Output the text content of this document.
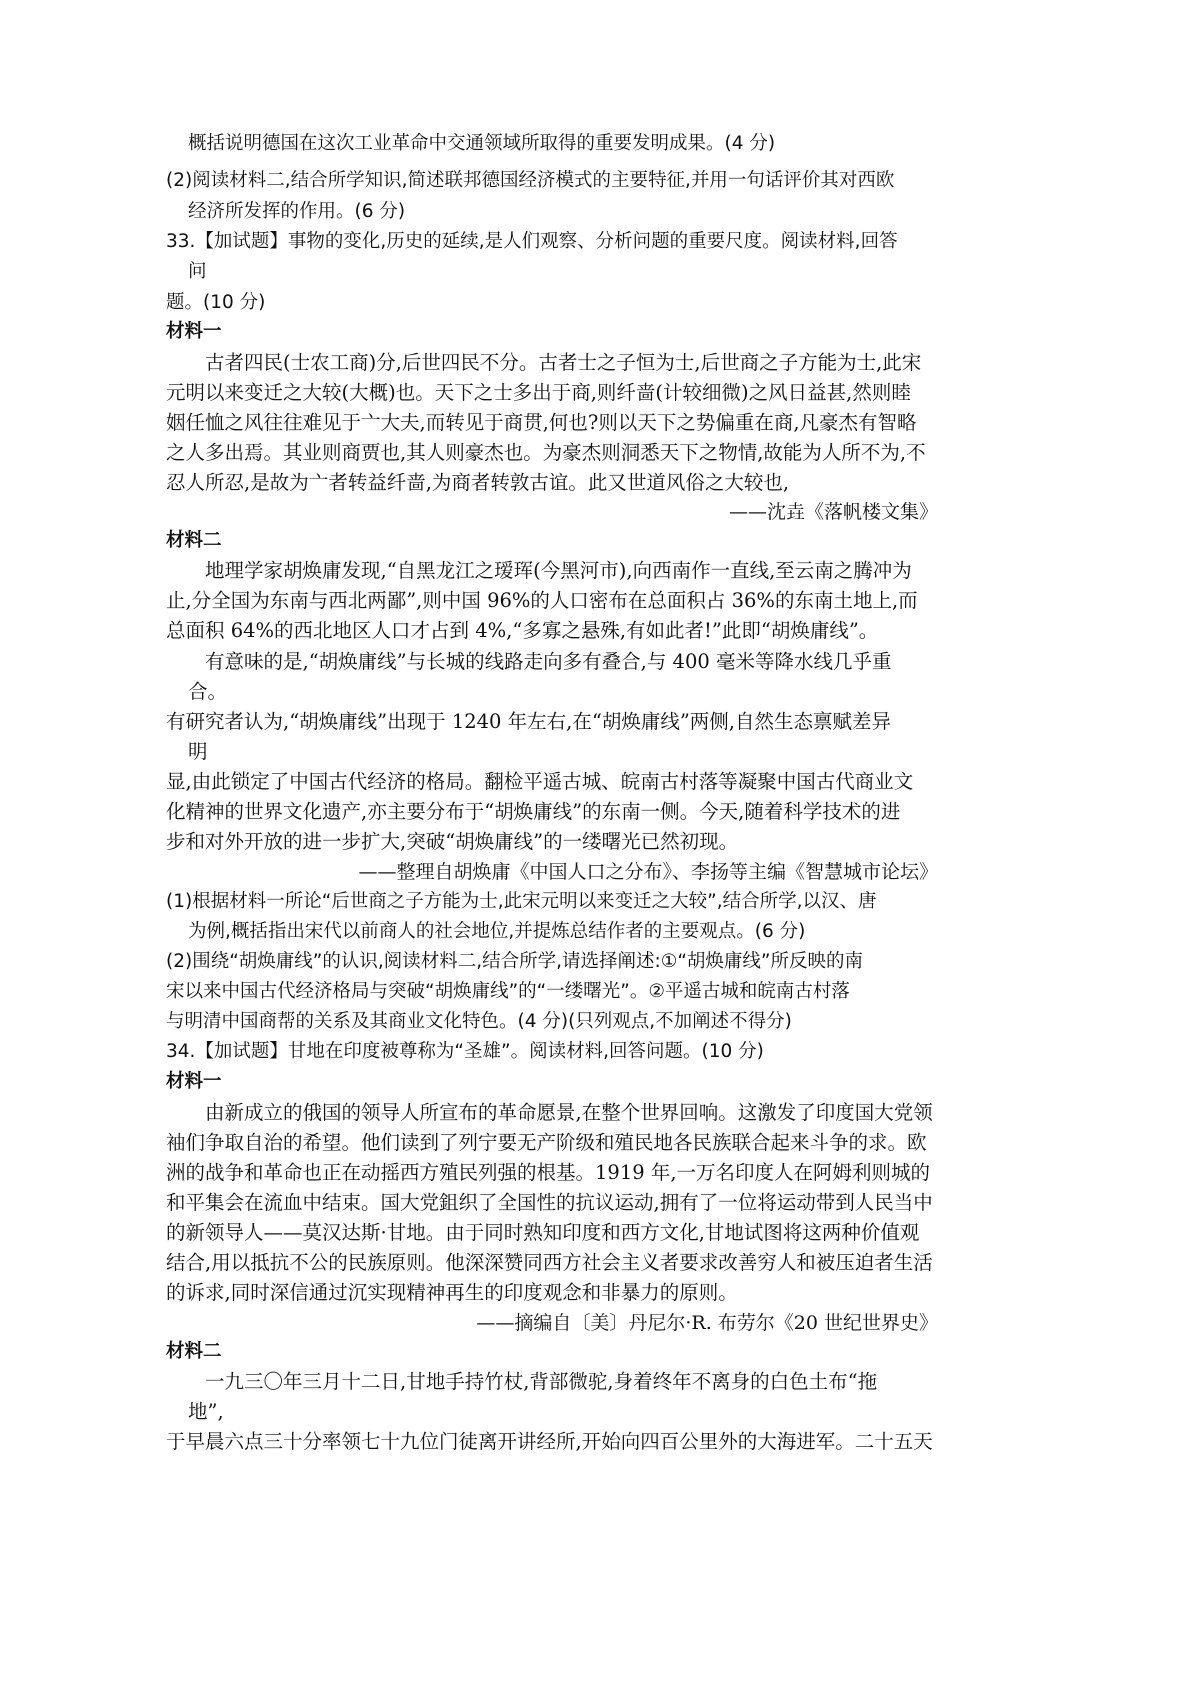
概括说明德国在这次工业革命中交通领域所取得的重要发明成果。(4 分)
(2)阅读材料二,结合所学知识,简述联邦德国经济模式的主要特征,并用一句话评价其对西欧
经济所发挥的作用。(6 分)
33.【加试题】事物的变化,历史的延续,是人们观察、分析问题的重要尺度。阅读材料,回答
问
题。(10 分)
材料一
古者四民(士农工商)分,后世四民不分。古者士之子恒为士,后世商之子方能为士,此宋
元明以来变迁之大较(大概)也。天下之士多出于商,则纤啬(计较细微)之风日益甚,然则睦
姻任恤之风往往难见于亠大夫,而转见于商贯,何也?则以天下之势偏重在商,凡豪杰有智略
之人多出焉。其业则商贾也,其人则豪杰也。为豪杰则洞悉天下之物情,故能为人所不为,不
忍人所忍,是故为亠者转益纤啬,为商者转敦古谊。此又世道风俗之大较也,
——沈垚《落帆楼文集》
材料二
地理学家胡焕庸发现,“自黑龙江之瑷珲(今黑河市),向西南作一直线,至云南之腾冲为
止,分全国为东南与西北两鄙”,则中国 96%的人口密布在总面积占 36%的东南土地上,而
总面积 64%的西北地区人口才占到 4%,“多寡之悬殊,有如此者!”此即“胡焕庸线”。
有意味的是,“胡焕庸线”与长城的线路走向多有叠合,与 400 毫米等降水线几乎重
合。
有研究者认为,“胡焕庸线”出现于 1240 年左右,在“胡焕庸线”两侧,自然生态禀赋差异
明
显,由此锁定了中国古代经济的格局。翻检平遥古城、皖南古村落等凝聚中国古代商业文
化精神的世界文化遗产,亦主要分布于“胡焕庸线”的东南一侧。今天,随着科学技术的进
步和对外开放的进一步扩大,突破“胡焕庸线”的一缕曙光已然初现。
——整理自胡焕庸《中国人口之分布》、李扬等主编《智慧城市论坛》
(1)根据材料一所论“后世商之子方能为士,此宋元明以来变迁之大较”,结合所学,以汉、唐
为例,概括指出宋代以前商人的社会地位,并提炼总结作者的主要观点。(6 分)
(2)围绕“胡焕庸线”的认识,阅读材料二,结合所学,请选择阐述:①“胡焕庸线”所反映的南
宋以来中国古代经济格局与突破“胡焕庸线”的“一缕曙光”。②平遥古城和皖南古村落
与明清中国商帮的关系及其商业文化特色。(4 分)(只列观点,不加阐述不得分)
34.【加试题】甘地在印度被尊称为“圣雄”。阅读材料,回答问题。(10 分)
材料一
由新成立的俄国的领导人所宣布的革命愿景,在整个世界回响。这激发了印度国大党领
袖们争取自治的希望。他们读到了列宁要无产阶级和殖民地各民族联合起来斗争的求。欧
洲的战争和革命也正在动摇西方殖民列强的根基。1919 年,一万名印度人在阿姆利则城的
和平集会在流血中结束。国大党鉏织了全国性的抗议运动,拥有了一位将运动带到人民当中
的新领导人——莫汉达斯·甘地。由于同时熟知印度和西方文化,甘地试图将这两种价值观
结合,用以抵抗不公的民族原则。他深深赞同西方社会主义者要求改善穷人和被压迫者生活
的诉求,同时深信通过沉实现精神再生的印度观念和非暴力的原则。
——摘编自〔美〕丹尼尔·R. 布劳尔《20 世纪世界史》
材料二
一九三〇年三月十二日,甘地手持竹杖,背部微驼,身着终年不离身的白色土布“拖
地”,
于早晨六点三十分率领七十九位门徒离开讲经所,开始向四百公里外的大海进军。二十五天
